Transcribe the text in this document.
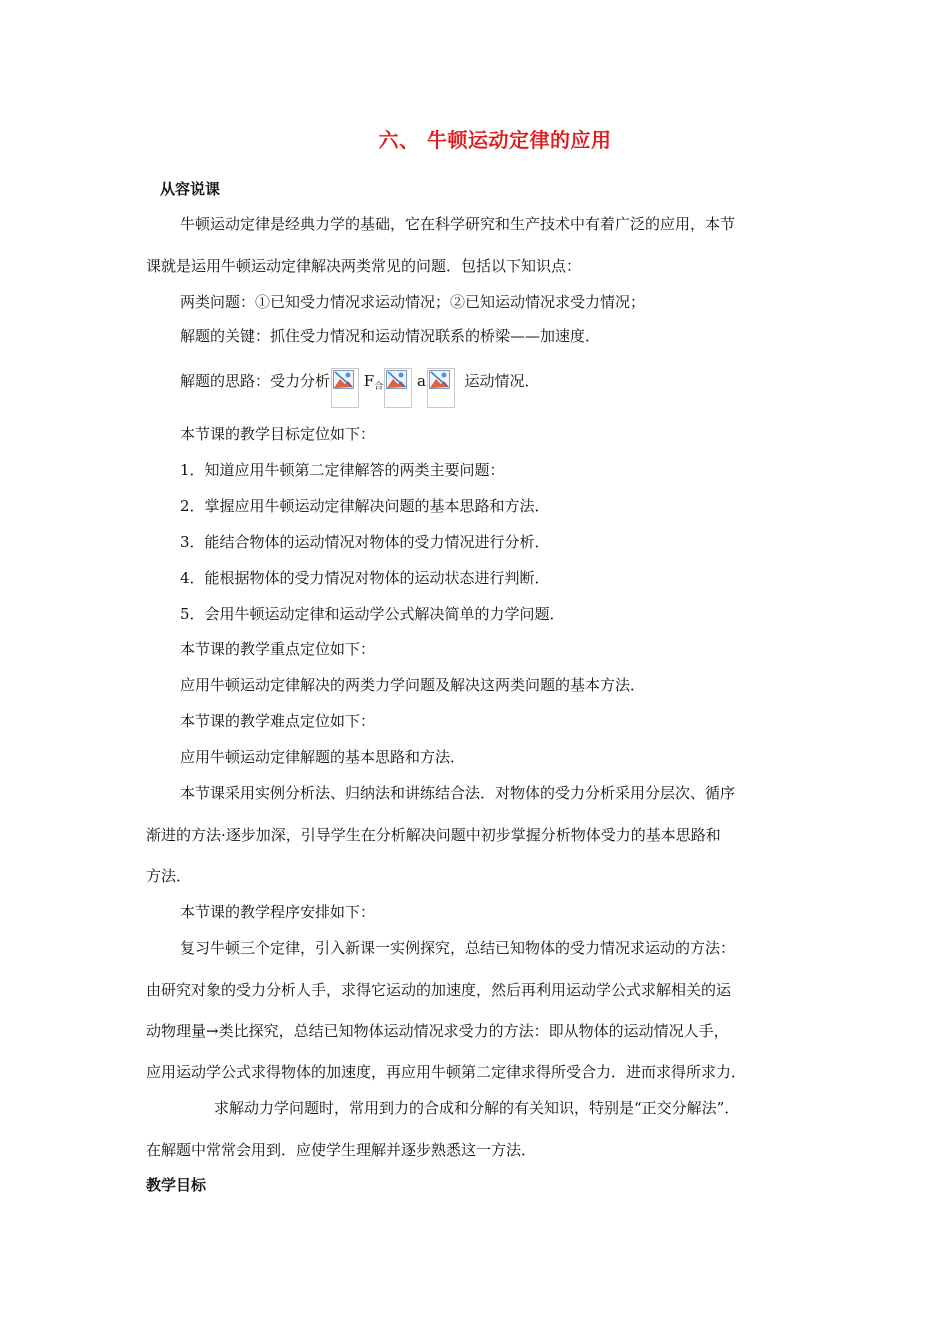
六、 牛顿运动定律的应用
从容说课
牛顿运动定律是经典力学的基础，它在科学研究和生产技术中有着广泛的应用，本节
课就是运用牛顿运动定律解决两类常见的问题．包括以下知识点：
两类问题：①已知受力情况求运动情况；②已知运动情况求受力情况；
解题的关键：抓住受力情况和运动情况联系的桥梁——加速度．
解题的思路：受力分析 $F_合$ a	运动情况．
本节课的教学目标定位如下：
1．知道应用牛顿第二定律解答的两类主要问题：
2．掌握应用牛顿运动定律解决问题的基本思路和方法．
3．能结合物体的运动情况对物体的受力情况进行分析．
4．能根据物体的受力情况对物体的运动状态进行判断．
5．会用牛顿运动定律和运动学公式解决简单的力学问题．
本节课的教学重点定位如下：
应用牛顿运动定律解决的两类力学问题及解决这两类问题的基本方法．
本节课的教学难点定位如下：
应用牛顿运动定律解题的基本思路和方法．
本节课采用实例分析法、归纳法和讲练结合法．对物体的受力分析采用分层次、循序
渐进的方法·逐步加深，引导学生在分析解决问题中初步掌握分析物体受力的基本思路和
方法．
本节课的教学程序安排如下：
复习牛顿三个定律，引入新课一实例探究，总结已知物体的受力情况求运动的方法：
由研究对象的受力分析人手，求得它运动的加速度，然后再利用运动学公式求解相关的运
动物理量→类比探究，总结已知物体运动情况求受力的方法：即从物体的运动情况人手，
应用运动学公式求得物体的加速度，再应用牛顿第二定律求得所受合力．进而求得所求力．
求解动力学问题时，常用到力的合成和分解的有关知识，特别是“正交分解法”．
在解题中常常会用到．应使学生理解并逐步熟悉这一方法．
教学目标
